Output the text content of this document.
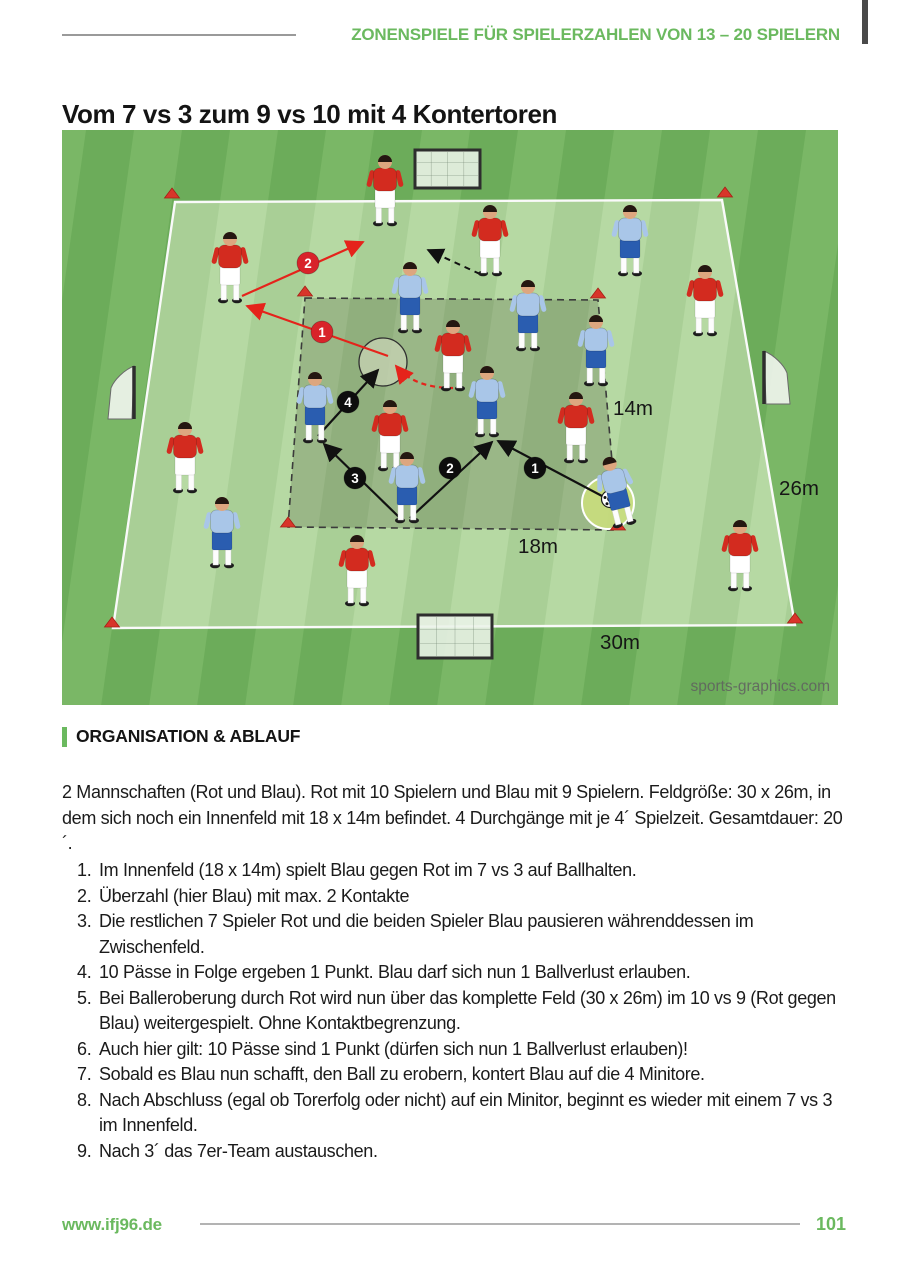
ZONENSPIELE FÜR SPIELERZAHLEN VON 13 – 20 SPIELERN
Vom 7 vs 3 zum 9 vs 10 mit 4 Kontertoren
4
3
2	1
1
2
14m
18m
26m
30m
sports-graphics.com
ORGANISATION & ABLAUF

2 Mannschaften (Rot und Blau). Rot mit 10 Spielern und Blau mit 9 Spielern. Feldgröße: 30 x 26m, in dem sich noch ein Innenfeld mit 18 x 14m befindet. 4 Durchgänge mit je 4´ Spielzeit. Gesamtdauer: 20´.

1. Im Innenfeld (18 x 14m) spielt Blau gegen Rot im 7 vs 3 auf Ballhalten.
2. Überzahl (hier Blau) mit max. 2 Kontakte
3. Die restlichen 7 Spieler Rot und die beiden Spieler Blau pausieren währenddessen im Zwischenfeld.
4. 10 Pässe in Folge ergeben 1 Punkt. Blau darf sich nun 1 Ballverlust erlauben.
5. Bei Balleroberung durch Rot wird nun über das komplette Feld (30 x 26m) im 10 vs 9 (Rot gegen Blau) weitergespielt. Ohne Kontaktbegrenzung.
6. Auch hier gilt: 10 Pässe sind 1 Punkt (dürfen sich nun 1 Ballverlust erlauben)!
7. Sobald es Blau nun schafft, den Ball zu erobern, kontert Blau auf die 4 Minitore.
8. Nach Abschluss (egal ob Torerfolg oder nicht) auf ein Minitor, beginnt es wieder mit einem 7 vs 3 im Innenfeld.
9. Nach 3´ das 7er-Team austauschen.
www.ifj96.de	101
